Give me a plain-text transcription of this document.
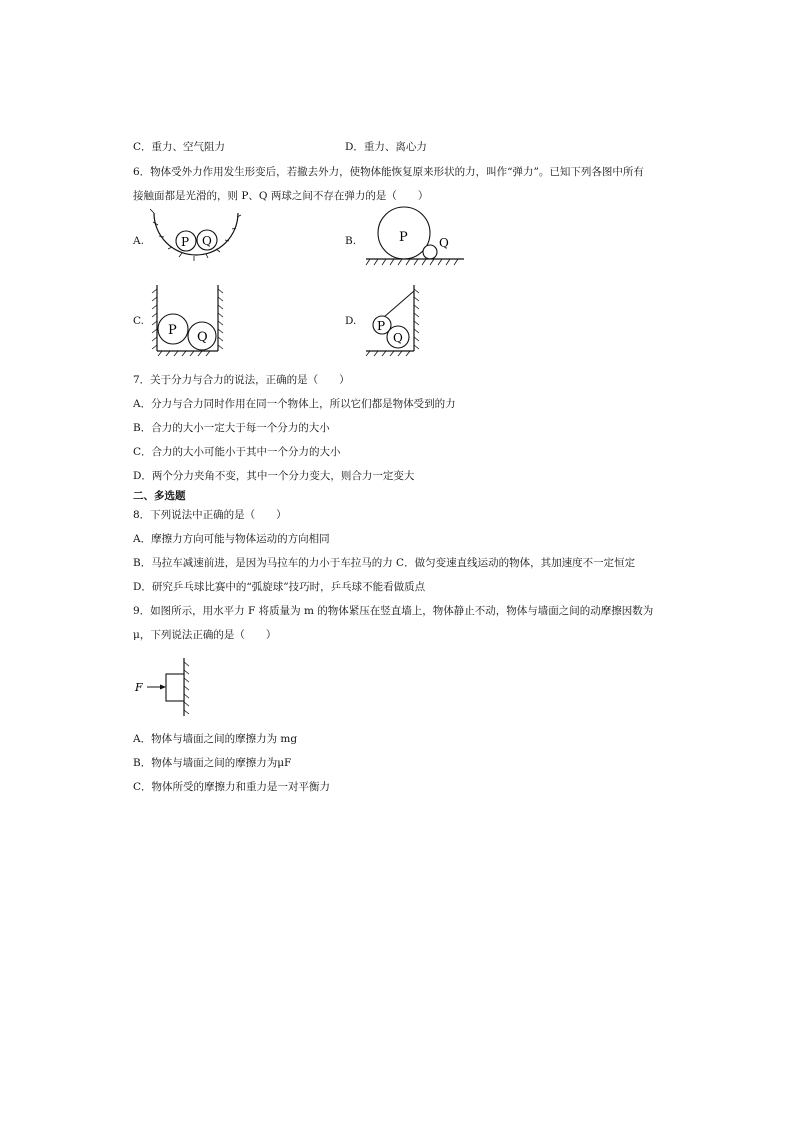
C．重力、空气阻力	D．重力、离心力
6．物体受外力作用发生形变后，若撤去外力，使物体能恢复原来形状的力，叫作“弹力”。已知下列各图中所有
接触面都是光滑的，则 P、Q 两球之间不存在弹力的是（　　）
A.	P Q	B.	P	Q
C.
P Q
D. P
Q
7．关于分力与合力的说法，正确的是（　　）
A．分力与合力同时作用在同一个物体上，所以它们都是物体受到的力
B．合力的大小一定大于每一个分力的大小
C．合力的大小可能小于其中一个分力的大小
D．两个分力夹角不变，其中一个分力变大，则合力一定变大
二、多选题
8．下列说法中正确的是（　　）
A．摩擦力方向可能与物体运动的方向相同
B．马拉车减速前进，是因为马拉车的力小于车拉马的力 C．做匀变速直线运动的物体，其加速度不一定恒定
D．研究乒乓球比赛中的“弧旋球”技巧时，乒乓球不能看做质点
9．如图所示，用水平力 F 将质量为 m 的物体紧压在竖直墙上，物体静止不动，物体与墙面之间的动摩擦因数为
μ，下列说法正确的是（　　）
F
A．物体与墙面之间的摩擦力为 mg
B．物体与墙面之间的摩擦力为μF
C．物体所受的摩擦力和重力是一对平衡力
